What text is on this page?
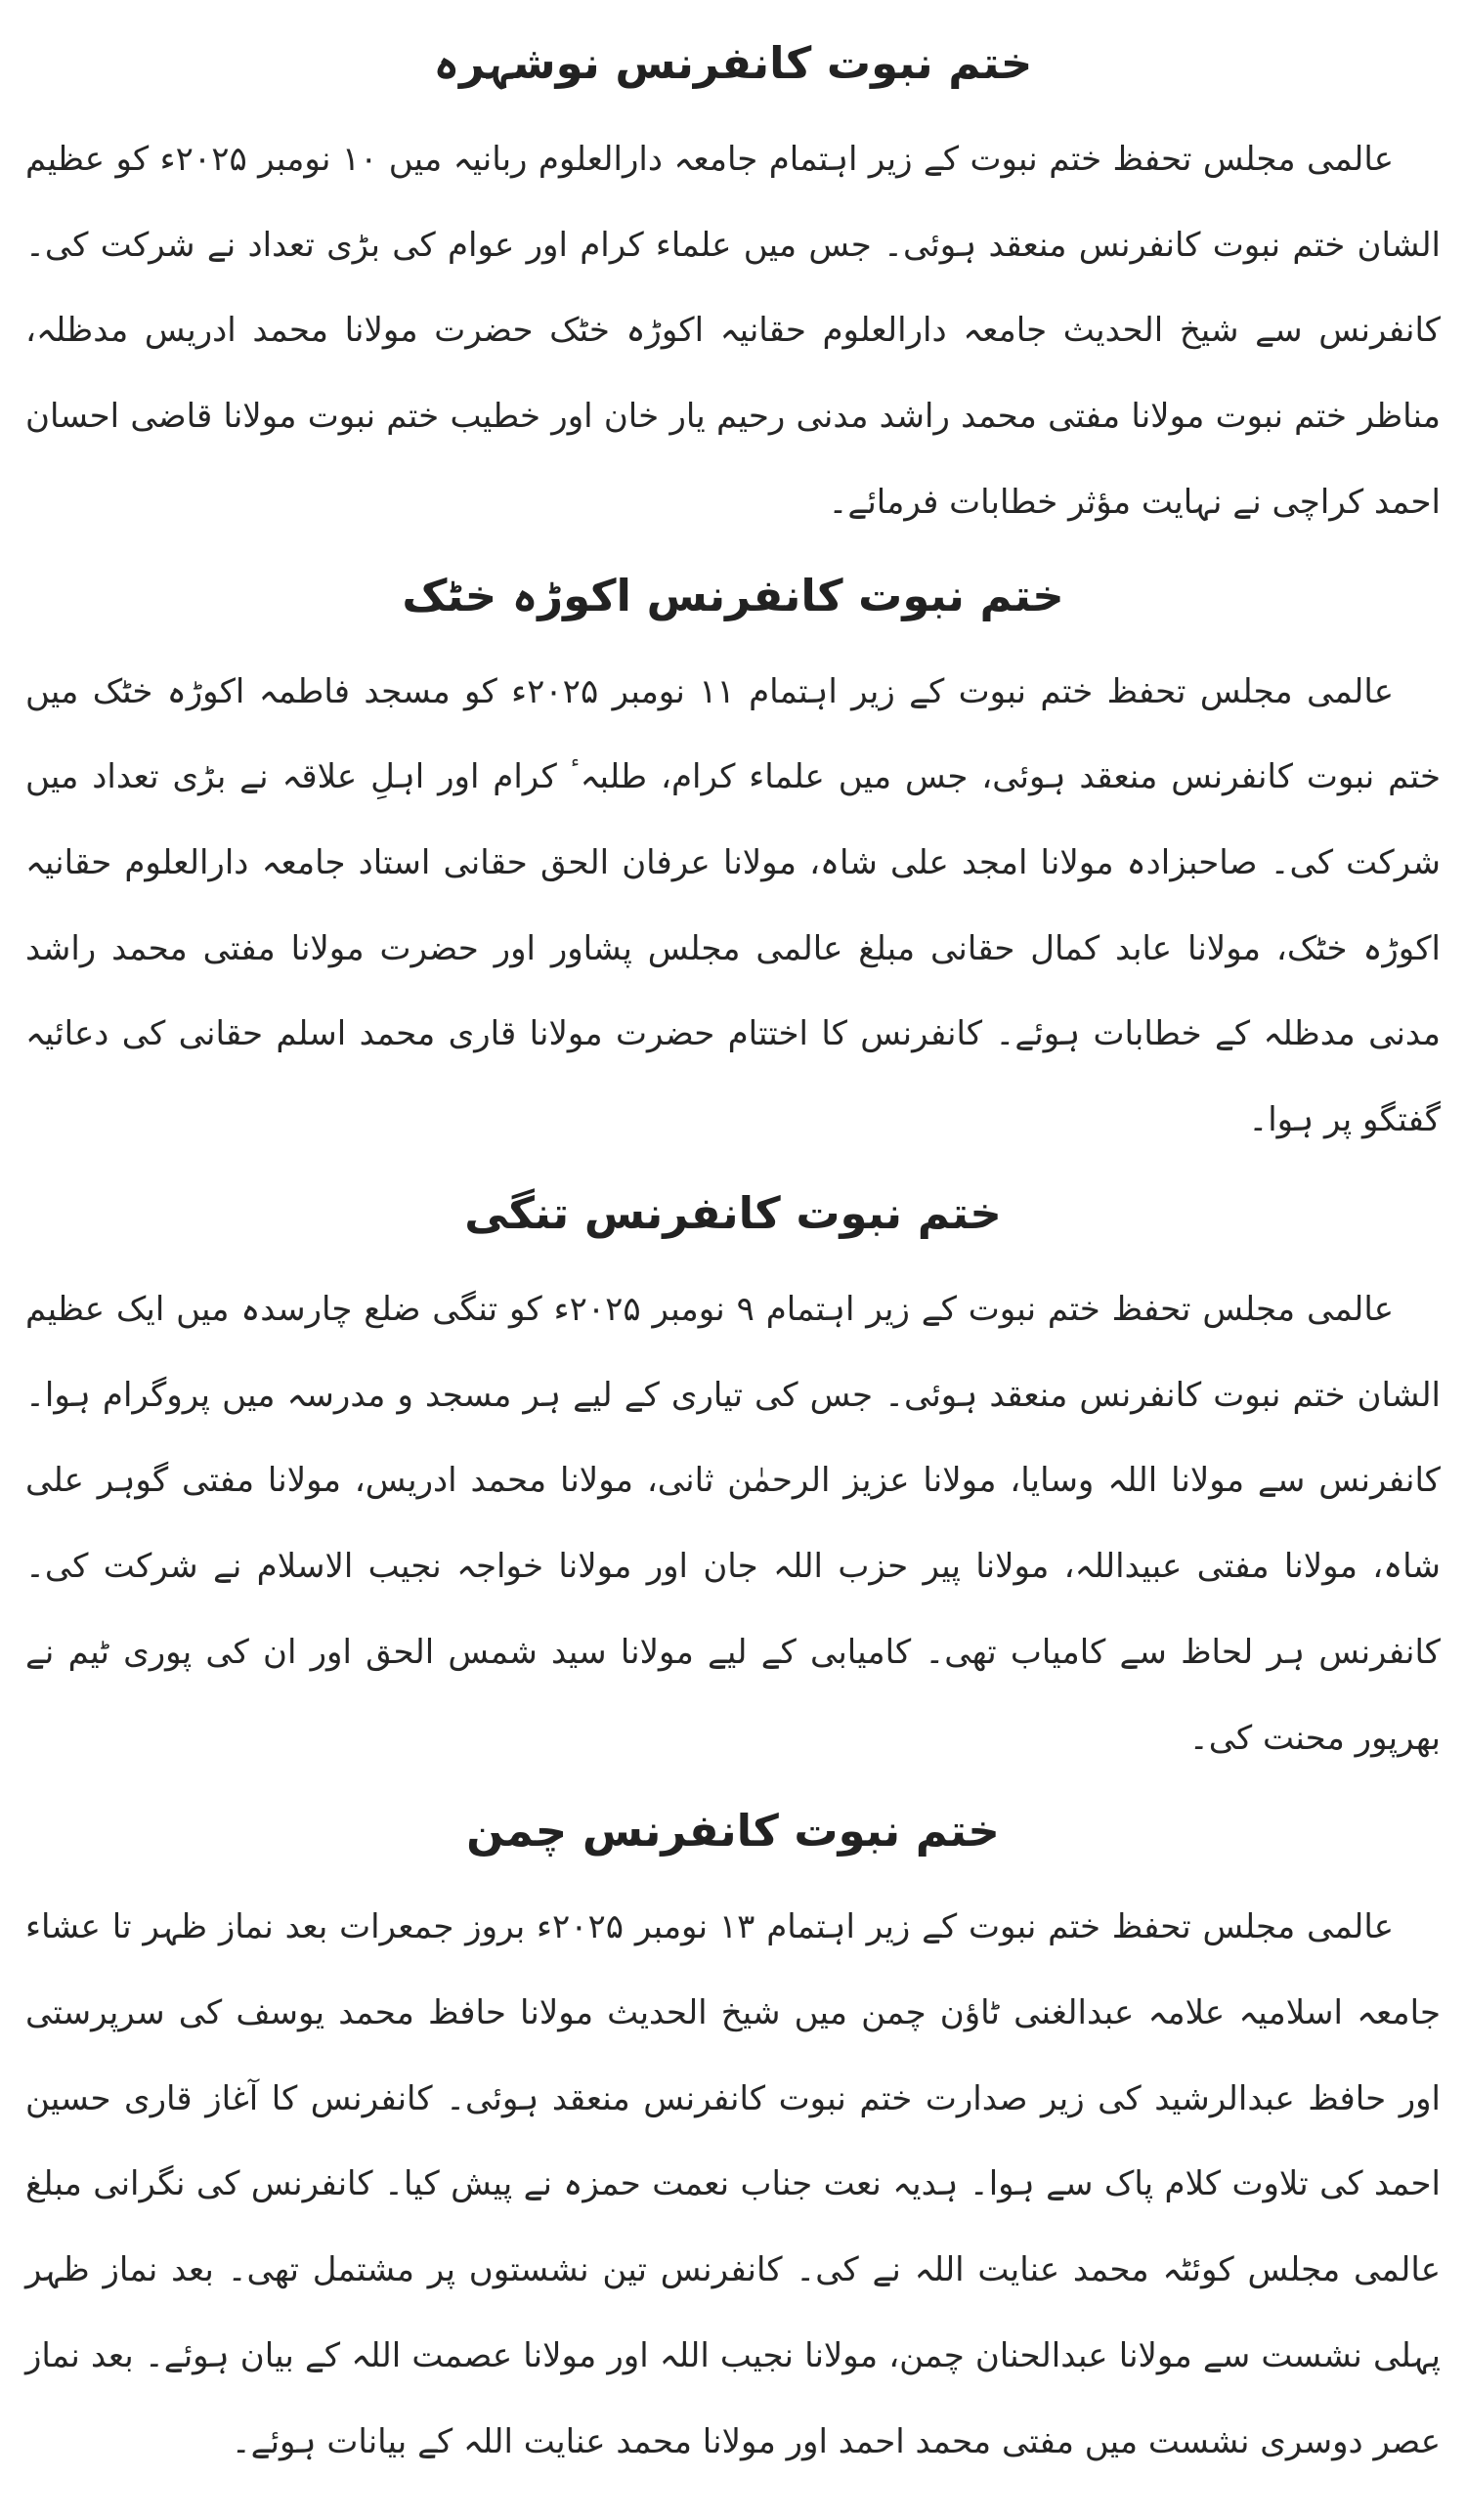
ختم نبوت کانفرنس نوشہرہ

عالمی مجلس تحفظ ختم نبوت کے زیر اہتمام جامعہ دارالعلوم ربانیہ میں ۱۰ نومبر ۲۰۲۵ء کو عظیم الشان ختم نبوت کانفرنس منعقد ہوئی۔ جس میں علماء کرام اور عوام کی بڑی تعداد نے شرکت کی۔ کانفرنس سے شیخ الحدیث جامعہ دارالعلوم حقانیہ اکوڑہ خٹک حضرت مولانا محمد ادریس مدظلہ، مناظر ختم نبوت مولانا مفتی محمد راشد مدنی رحیم یار خان اور خطیب ختم نبوت مولانا قاضی احسان احمد کراچی نے نہایت مؤثر خطابات فرمائے۔

ختم نبوت کانفرنس اکوڑہ خٹک

عالمی مجلس تحفظ ختم نبوت کے زیر اہتمام ۱۱ نومبر ۲۰۲۵ء کو مسجد فاطمہ اکوڑہ خٹک میں ختم نبوت کانفرنس منعقد ہوئی، جس میں علماء کرام، طلبہٴ کرام اور اہلِ علاقہ نے بڑی تعداد میں شرکت کی۔ صاحبزادہ مولانا امجد علی شاہ، مولانا عرفان الحق حقانی استاد جامعہ دارالعلوم حقانیہ اکوڑہ خٹک، مولانا عابد کمال حقانی مبلغ عالمی مجلس پشاور اور حضرت مولانا مفتی محمد راشد مدنی مدظلہ کے خطابات ہوئے۔ کانفرنس کا اختتام حضرت مولانا قاری محمد اسلم حقانی کی دعائیہ گفتگو پر ہوا۔

ختم نبوت کانفرنس تنگی

عالمی مجلس تحفظ ختم نبوت کے زیر اہتمام ۹ نومبر ۲۰۲۵ء کو تنگی ضلع چارسدہ میں ایک عظیم الشان ختم نبوت کانفرنس منعقد ہوئی۔ جس کی تیاری کے لیے ہر مسجد و مدرسہ میں پروگرام ہوا۔ کانفرنس سے مولانا اللہ وسایا، مولانا عزیز الرحمٰن ثانی، مولانا محمد ادریس، مولانا مفتی گوہر علی شاہ، مولانا مفتی عبیداللہ، مولانا پیر حزب اللہ جان اور مولانا خواجہ نجیب الاسلام نے شرکت کی۔ کانفرنس ہر لحاظ سے کامیاب تھی۔ کامیابی کے لیے مولانا سید شمس الحق اور ان کی پوری ٹیم نے بھرپور محنت کی۔

ختم نبوت کانفرنس چمن

عالمی مجلس تحفظ ختم نبوت کے زیر اہتمام ۱۳ نومبر ۲۰۲۵ء بروز جمعرات بعد نماز ظہر تا عشاء جامعہ اسلامیہ علامہ عبدالغنی ٹاؤن چمن میں شیخ الحدیث مولانا حافظ محمد یوسف کی سرپرستی اور حافظ عبدالرشید کی زیر صدارت ختم نبوت کانفرنس منعقد ہوئی۔ کانفرنس کا آغاز قاری حسین احمد کی تلاوت کلام پاک سے ہوا۔ ہدیہ نعت جناب نعمت حمزہ نے پیش کیا۔ کانفرنس کی نگرانی مبلغ عالمی مجلس کوئٹہ محمد عنایت اللہ نے کی۔ کانفرنس تین نشستوں پر مشتمل تھی۔ بعد نماز ظہر پہلی نشست سے مولانا عبدالحنان چمن، مولانا نجیب اللہ اور مولانا عصمت اللہ کے بیان ہوئے۔ بعد نماز عصر دوسری نشست میں مفتی محمد احمد اور مولانا محمد عنایت اللہ کے بیانات ہوئے۔
